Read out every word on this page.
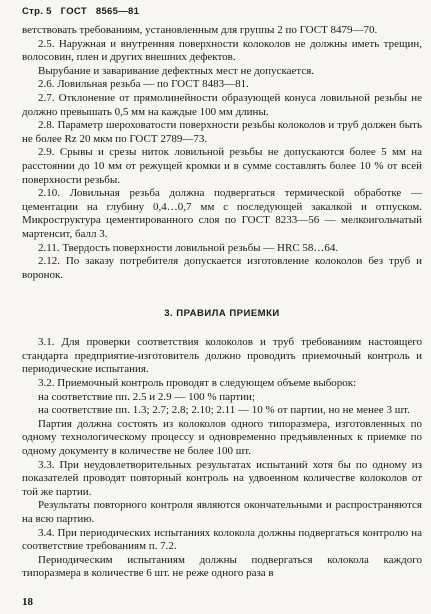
Стр. 5 ГОСТ 8565—81

ветствовать требованиям, установленным для группы 2 по ГОСТ 8479—70.

2.5. Наружная и внутренняя поверхности колоколов не должны иметь трещин, волосовин, плен и других внешних дефектов.

Вырубание и заваривание дефектных мест не допускается.

2.6. Ловильная резьба — по ГОСТ 8483—81.

2.7. Отклонение от прямолинейности образующей конуса ловильной резьбы не должно превышать 0,5 мм на каждые 100 мм длины.

2.8. Параметр шероховатости поверхности резьбы колоколов и труб должен быть не более Rz 20 мкм по ГОСТ 2789—73.

2.9. Срывы и срезы ниток ловильной резьбы не допускаются более 5 мм на расстоянии до 10 мм от режущей кромки и в сумме составлять более 10 % от всей поверхности резьбы.

2.10. Ловильная резьба должна подвергаться термической обработке — цементации на глубину 0,4…0,7 мм с последующей закалкой и отпуском. Микроструктура цементированного слоя по ГОСТ 8233—56 — мелкоигольчатый мартенсит, балл 3.

2.11. Твердость поверхности ловильной резьбы — HRC 58…64.

2.12. По заказу потребителя допускается изготовление колоколов без труб и воронок.

3. ПРАВИЛА ПРИЕМКИ

3.1. Для проверки соответствия колоколов и труб требованиям настоящего стандарта предприятие-изготовитель должно проводить приемочный контроль и периодические испытания.

3.2. Приемочный контроль проводят в следующем объеме выборок:

на соответствие пп. 2.5 и 2.9 — 100 % партии;

на соответствие пп. 1.3; 2.7; 2.8; 2.10; 2.11 — 10 % от партии, но не менее 3 шт.

Партия должна состоять из колоколов одного типоразмера, изготовленных по одному технологическому процессу и одновременно предъявленных к приемке по одному документу в количестве не более 100 шт.

3.3. При неудовлетворительных результатах испытаний хотя бы по одному из показателей проводят повторный контроль на удвоенном количестве колоколов от той же партии.

Результаты повторного контроля являются окончательными и распространяются на всю партию.

3.4. При периодических испытаниях колокола должны подвергаться контролю на соответствие требованиям п. 7.2.

Периодическим испытаниям должны подвергаться колокола каждого типоразмера в количестве 6 шт. не реже одного раза в

18
